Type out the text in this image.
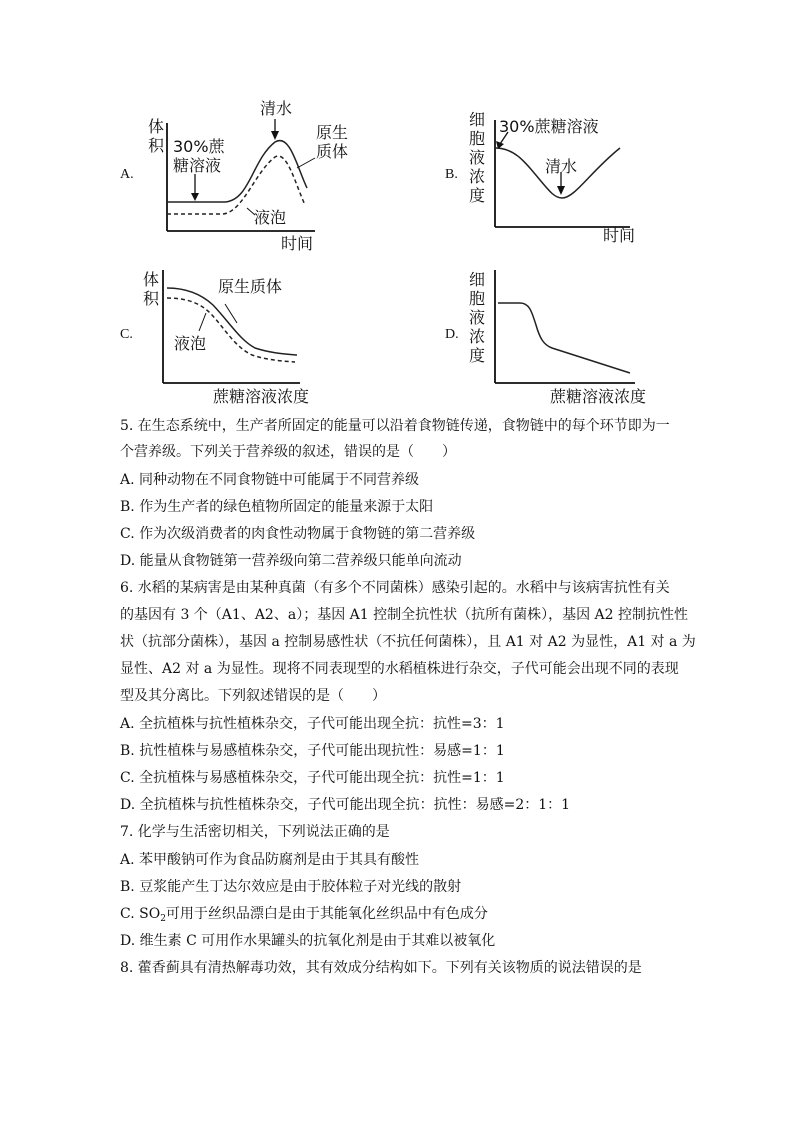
A.
体积
时间
30%蔗
糖溶液
清水
原生
质体
液泡
B.
细胞液浓度
时间
30%蔗糖溶液
清水
C.
体积
蔗糖溶液浓度
原生质体
液泡	D.
细胞液浓度
蔗糖溶液浓度
5. 在生态系统中，生产者所固定的能量可以沿着食物链传递，食物链中的每个环节即为一
个营养级。下列关于营养级的叙述，错误的是（　　）
A. 同种动物在不同食物链中可能属于不同营养级
B. 作为生产者的绿色植物所固定的能量来源于太阳
C. 作为次级消费者的肉食性动物属于食物链的第二营养级
D. 能量从食物链第一营养级向第二营养级只能单向流动
6. 水稻的某病害是由某种真菌（有多个不同菌株）感染引起的。水稻中与该病害抗性有关
的基因有 3 个（A1、A2、a）；基因 A1 控制全抗性状（抗所有菌株），基因 A2 控制抗性性
状（抗部分菌株），基因 a 控制易感性状（不抗任何菌株），且 A1 对 A2 为显性，A1 对 a 为
显性、A2 对 a 为显性。现将不同表现型的水稻植株进行杂交，子代可能会出现不同的表现
型及其分离比。下列叙述错误的是（　　）
A. 全抗植株与抗性植株杂交，子代可能出现全抗：抗性=3：1
B. 抗性植株与易感植株杂交，子代可能出现抗性：易感=1：1
C. 全抗植株与易感植株杂交，子代可能出现全抗：抗性=1：1
D. 全抗植株与抗性植株杂交，子代可能出现全抗：抗性：易感=2：1：1
7. 化学与生活密切相关，下列说法正确的是
A. 苯甲酸钠可作为食品防腐剂是由于其具有酸性
B. 豆浆能产生丁达尔效应是由于胶体粒子对光线的散射
C. $SO_2$可用于丝织品漂白是由于其能氧化丝织品中有色成分
D. 维生素 C 可用作水果罐头的抗氧化剂是由于其难以被氧化
8. 藿香蓟具有清热解毒功效，其有效成分结构如下。下列有关该物质的说法错误的是
